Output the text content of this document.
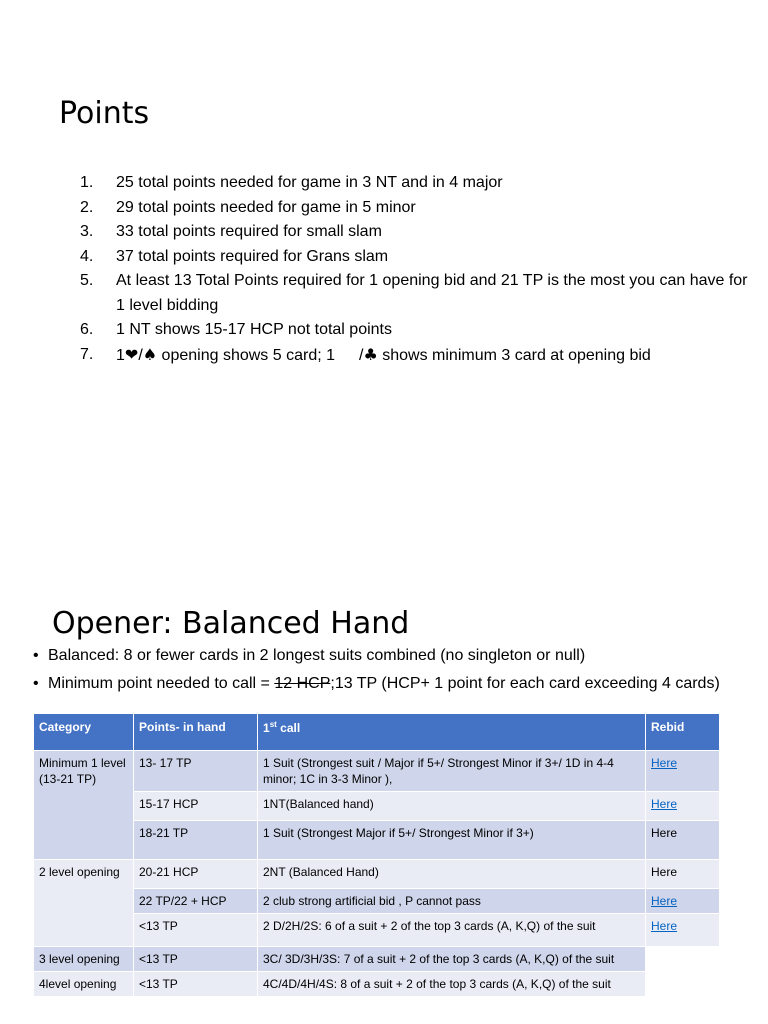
Points
1.	25 total points needed for game in 3 NT and in 4 major
2.	29 total points needed for game in 5 minor
3.	33 total points required for small slam
4.	37 total points required for Grans slam
5.	At least 13 Total Points required for 1 opening bid and 21 TP is the most you can have for 1 level bidding
6.	1 NT shows 15-17 HCP not total points
7.	1❤/♠ opening shows 5 card; 1 /♣ shows minimum 3 card at opening bid
Opener: Balanced Hand
• Balanced: 8 or fewer cards in 2 longest suits combined (no singleton or null)
• Minimum point needed to call = 12 HCP;13 TP (HCP+ 1 point for each card exceeding 4 cards)
Category	Points- in hand	1st call	Rebid
Minimum 1 level (13-21 TP)	13- 17 TP	1 Suit (Strongest suit / Major if 5+/ Strongest Minor if 3+/ 1D in 4-4 minor; 1C in 3-3 Minor ),	Here
	15-17 HCP	1NT(Balanced hand)	Here
	18-21 TP	1 Suit (Strongest Major if 5+/ Strongest Minor if 3+)	Here
2 level opening	20-21 HCP	2NT (Balanced Hand)	Here
	22 TP/22 + HCP	2 club strong artificial bid , P cannot pass	Here
	<13 TP	2 D/2H/2S: 6 of a suit + 2 of the top 3 cards (A, K,Q) of the suit	Here
3 level opening	<13 TP	3C/ 3D/3H/3S: 7 of a suit + 2 of the top 3 cards (A, K,Q) of the suit	
4level opening	<13 TP	4C/4D/4H/4S: 8 of a suit + 2 of the top 3 cards (A, K,Q) of the suit	
